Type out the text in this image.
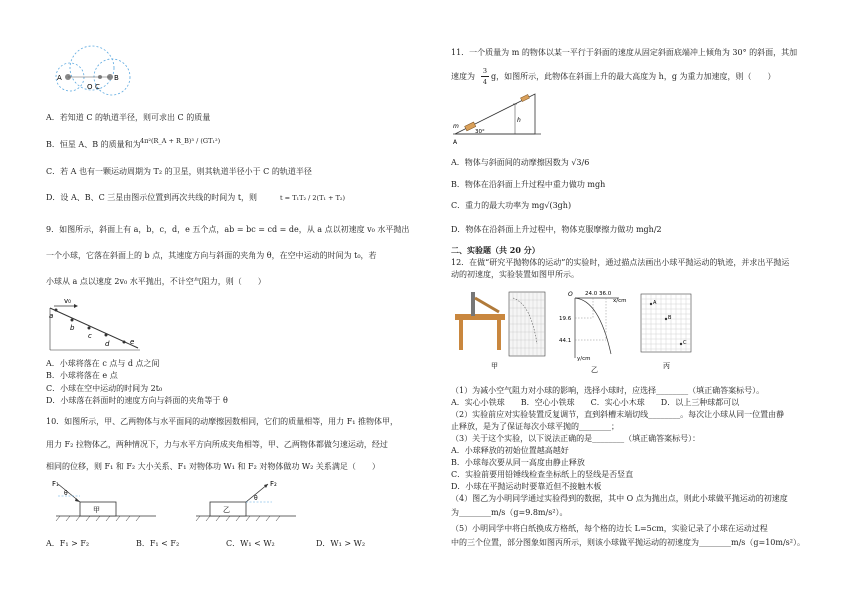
A
O C
B
A．若知道 C 的轨道半径，则可求出 C 的质量
B．恒星 A、B 的质量和为 4π²(R_A + R_B)³ / (GT₁²)
C．若 A 也有一颗运动周期为 T₂ 的卫星，则其轨道半径小于 C 的轨道半径
D．设 A、B、C 三星由图示位置到再次共线的时间为 t，则	t = T₁T₂ / 2(T₁ + T₂)
9．如图所示，斜面上有 a，b，c，d，e 五个点，ab = bc = cd = de，从 a 点以初速度 v₀ 水平抛出
一个小球，它落在斜面上的 b 点，其速度方向与斜面的夹角为 θ，在空中运动的时间为 t₀，若
小球从 a 点以速度 2v₀ 水平抛出，不计空气阻力，则（　　）
v₀
a
b
c
d	e
A．小球将落在 c 点与 d 点之间
B．小球将落在 e 点
C．小球在空中运动的时间为 2t₀
D．小球落在斜面时的速度方向与斜面的夹角等于 θ
10．如图所示，甲、乙两物体与水平面间的动摩擦因数相同，它们的质量相等，用力 F₁ 推物体甲，
用力 F₂ 拉物体乙，两种情况下，力与水平方向所成夹角相等，甲、乙两物体都做匀速运动，经过
相同的位移，则 F₁ 和 F₂ 大小关系、F₁ 对物体功 W₁ 和 F₂ 对物体做功 W₂ 关系满足（　　）
F₁
θ
甲
F₂
θ
乙
A．F₁ > F₂	B．F₁ < F₂	C．W₁ < W₂	D．W₁ > W₂
11．一个质量为 m 的物体以某一平行于斜面的速度从固定斜面底端冲上倾角为 30° 的斜面，其加
速度为
3
4
g，如图所示，此物体在斜面上升的最大高度为 h，g 为重力加速度，则（　　）
m
30°
h
A
A．物体与斜面间的动摩擦因数为 √3/6
B．物体在沿斜面上升过程中重力做功 mgh
C．重力的最大功率为 mg√(3gh)
D．物体在沿斜面上升过程中，物体克服摩擦力做功 mgh/2
二、实验题（共 20 分）
12．在做“研究平抛物体的运动”的实验时，通过描点法画出小球平抛运动的轨迹，并求出平抛运
动的初速度，实验装置如图甲所示。
甲
O 24.0 36.0
x/cm
19.6
44.1
y/cm
乙
A
B
C
丙
（1）为减小空气阻力对小球的影响，选择小球时，应选择________（填正确答案标号）。
A．实心小铁球　　B．空心小铁球　　C．实心小木球　　D．以上三种球都可以
（2）实验前应对实验装置反复调节，直到斜槽末端切线________。每次让小球从同一位置由静
止释放，是为了保证每次小球平抛的________；
（3）关于这个实验，以下说法正确的是________（填正确答案标号）：
A．小球释放的初始位置越高越好
B．小球每次要从同一高度由静止释放
C．实验前要用铅锤线检查坐标纸上的竖线是否竖直
D．小球在平抛运动时要靠近但不接触木板
（4）图乙为小明同学通过实验得到的数据，其中 O 点为抛出点，则此小球做平抛运动的初速度
为________m/s（g=9.8m/s²）。
（5）小明同学中将白纸换成方格纸，每个格的边长 L=5cm，实验记录了小球在运动过程
中的三个位置，部分图象如图丙所示，则该小球做平抛运动的初速度为________m/s（g=10m/s²）。
